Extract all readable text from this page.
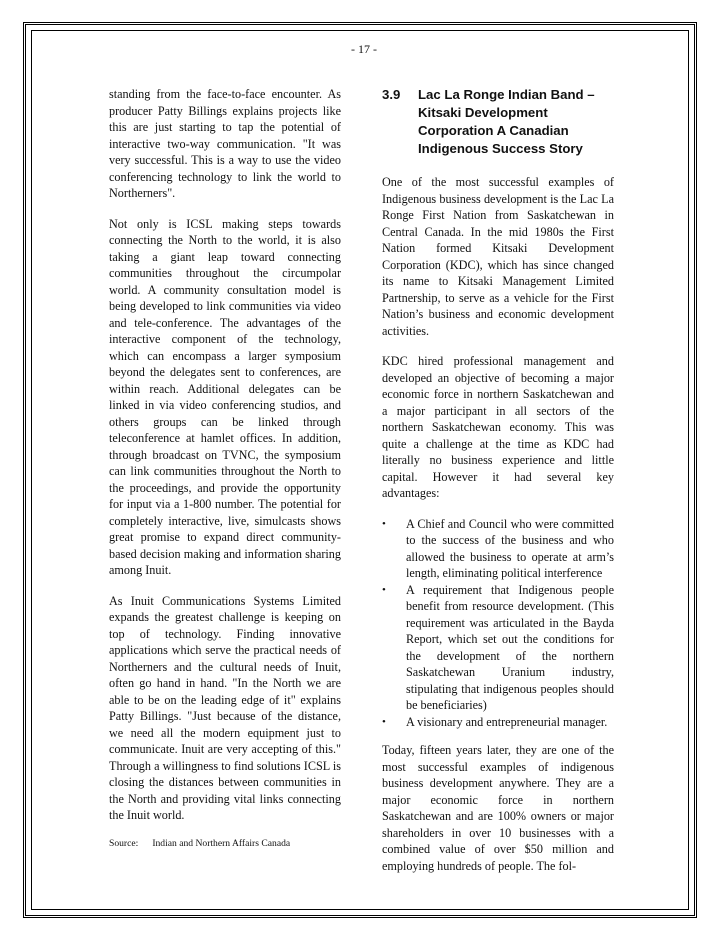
- 17 -

standing from the face-to-face encounter. As producer Patty Billings explains projects like this are just starting to tap the potential of interactive two-way communication. "It was very successful. This is a way to use the video conferencing technology to link the world to Northerners".

Not only is ICSL making steps towards connecting the North to the world, it is also taking a giant leap toward connecting communities throughout the circumpolar world. A community consultation model is being developed to link communities via video and tele-conference. The advantages of the interactive component of the technology, which can encompass a larger symposium beyond the delegates sent to conferences, are within reach. Additional delegates can be linked in via video conferencing studios, and others groups can be linked through teleconference at hamlet offices. In addition, through broadcast on TVNC, the symposium can link communities throughout the North to the proceedings, and provide the opportunity for input via a 1-800 number. The potential for completely interactive, live, simulcasts shows great promise to expand direct community-based decision making and information sharing among Inuit.

As Inuit Communications Systems Limited expands the greatest challenge is keeping on top of technology. Finding innovative applications which serve the practical needs of Northerners and the cultural needs of Inuit, often go hand in hand. "In the North we are able to be on the leading edge of it" explains Patty Billings. "Just because of the distance, we need all the modern equipment just to communicate. Inuit are very accepting of this." Through a willingness to find solutions ICSL is closing the distances between communities in the North and providing vital links connecting the Inuit world.

Source: Indian and Northern Affairs Canada
3.9	Lac La Ronge Indian Band – Kitsaki Development Corporation A Canadian Indigenous Success Story

One of the most successful examples of Indigenous business development is the Lac La Ronge First Nation from Saskatchewan in Central Canada. In the mid 1980s the First Nation formed Kitsaki Development Corporation (KDC), which has since changed its name to Kitsaki Management Limited Partnership, to serve as a vehicle for the First Nation’s business and economic development activities.

KDC hired professional management and developed an objective of becoming a major economic force in northern Saskatchewan and a major participant in all sectors of the northern Saskatchewan economy. This was quite a challenge at the time as KDC had literally no business experience and little capital. However it had several key advantages:

•	A Chief and Council who were committed to the success of the business and who allowed the business to operate at arm’s length, eliminating political interference
•	A requirement that Indigenous people benefit from resource development. (This requirement was articulated in the Bayda Report, which set out the conditions for the development of the northern Saskatchewan Uranium industry, stipulating that indigenous peoples should be beneficiaries)
•	A visionary and entrepreneurial manager.

Today, fifteen years later, they are one of the most successful examples of indigenous business development anywhere. They are a major economic force in northern Saskatchewan and are 100% owners or major shareholders in over 10 businesses with a combined value of over $50 million and employing hundreds of people. The fol-
